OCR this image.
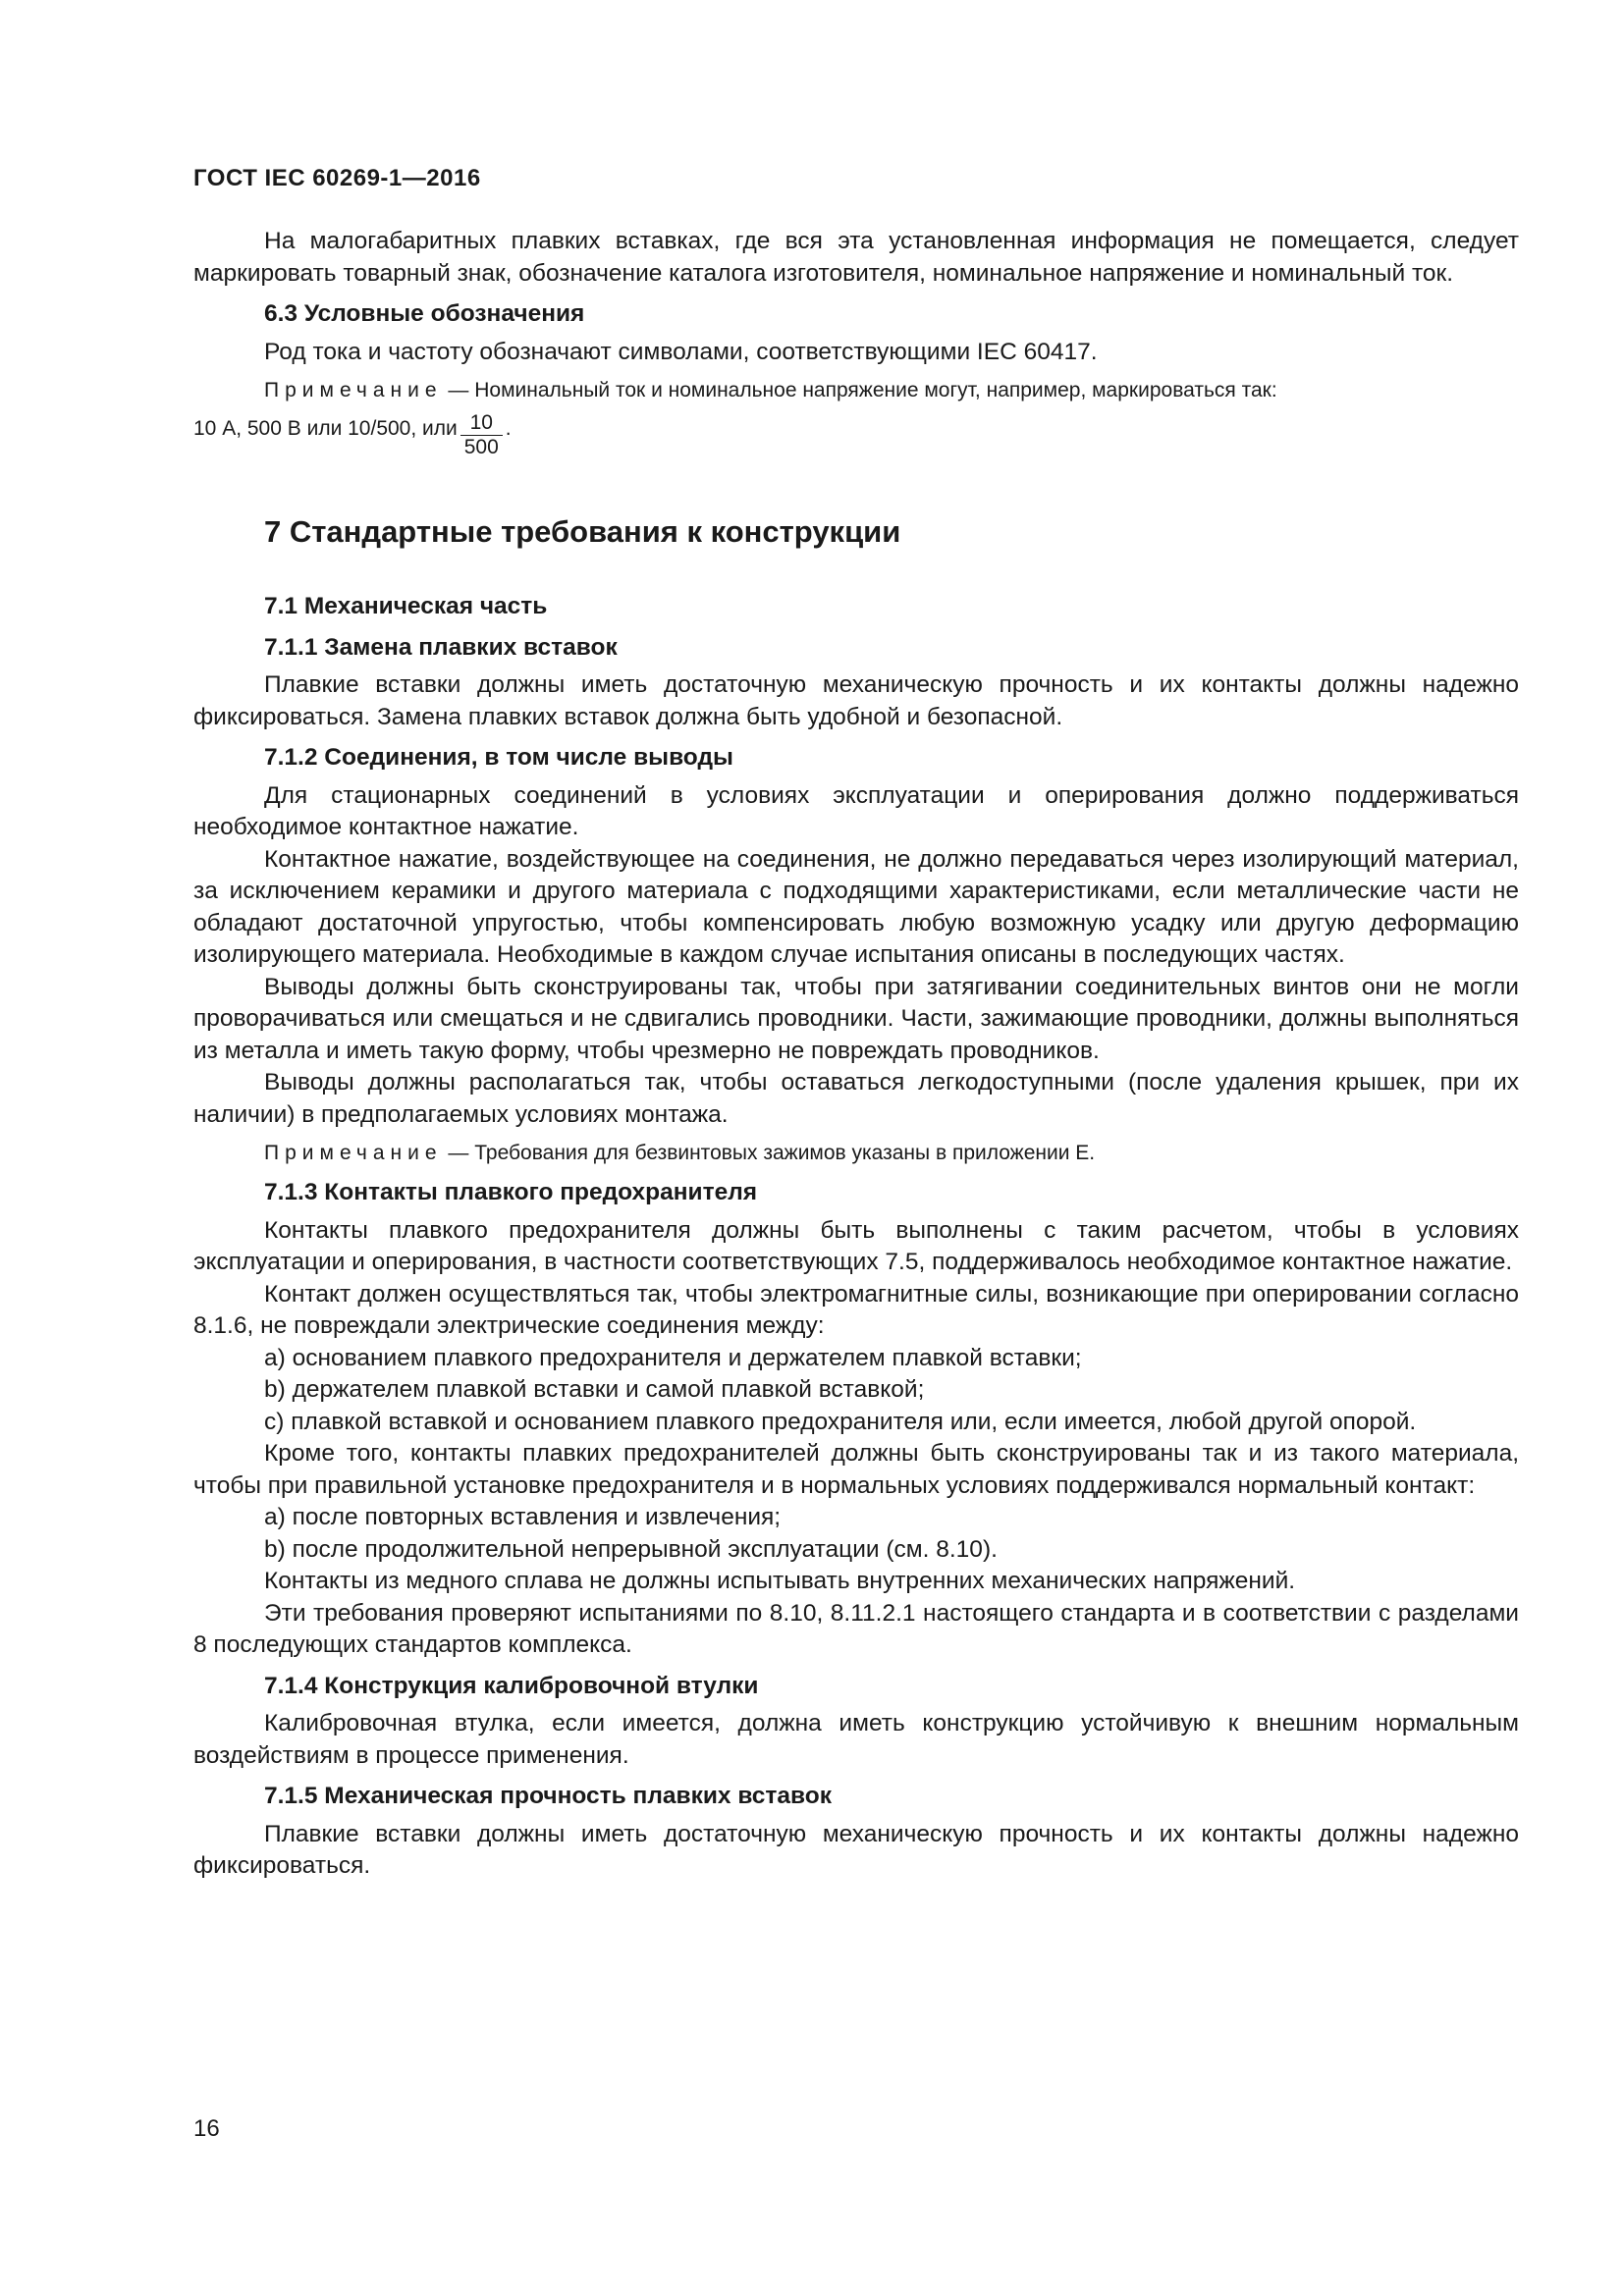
ГОСТ IEC 60269-1—2016

На малогабаритных плавких вставках, где вся эта установленная информация не помещается, следует маркировать товарный знак, обозначение каталога изготовителя, номинальное напряжение и номинальный ток.

6.3 Условные обозначения

Род тока и частоту обозначают символами, соответствующими IEC 60417.

Примечание — Номинальный ток и номинальное напряжение могут, например, маркироваться так:
10 А, 500 В или 10/500, или $\frac{10}{500}$ .

7 Стандартные требования к конструкции

7.1 Механическая часть

7.1.1 Замена плавких вставок

Плавкие вставки должны иметь достаточную механическую прочность и их контакты должны надежно фиксироваться. Замена плавких вставок должна быть удобной и безопасной.

7.1.2 Соединения, в том числе выводы

Для стационарных соединений в условиях эксплуатации и оперирования должно поддерживаться необходимое контактное нажатие.

Контактное нажатие, воздействующее на соединения, не должно передаваться через изолирующий материал, за исключением керамики и другого материала с подходящими характеристиками, если металлические части не обладают достаточной упругостью, чтобы компенсировать любую возможную усадку или другую деформацию изолирующего материала. Необходимые в каждом случае испытания описаны в последующих частях.

Выводы должны быть сконструированы так, чтобы при затягивании соединительных винтов они не могли проворачиваться или смещаться и не сдвигались проводники. Части, зажимающие проводники, должны выполняться из металла и иметь такую форму, чтобы чрезмерно не повреждать проводников.

Выводы должны располагаться так, чтобы оставаться легкодоступными (после удаления крышек, при их наличии) в предполагаемых условиях монтажа.

Примечание — Требования для безвинтовых зажимов указаны в приложении Е.

7.1.3 Контакты плавкого предохранителя

Контакты плавкого предохранителя должны быть выполнены с таким расчетом, чтобы в условиях эксплуатации и оперирования, в частности соответствующих 7.5, поддерживалось необходимое контактное нажатие.

Контакт должен осуществляться так, чтобы электромагнитные силы, возникающие при оперировании согласно 8.1.6, не повреждали электрические соединения между:

a) основанием плавкого предохранителя и держателем плавкой вставки;

b) держателем плавкой вставки и самой плавкой вставкой;

c) плавкой вставкой и основанием плавкого предохранителя или, если имеется, любой другой опорой.

Кроме того, контакты плавких предохранителей должны быть сконструированы так и из такого материала, чтобы при правильной установке предохранителя и в нормальных условиях поддерживался нормальный контакт:

a) после повторных вставления и извлечения;

b) после продолжительной непрерывной эксплуатации (см. 8.10).

Контакты из медного сплава не должны испытывать внутренних механических напряжений.

Эти требования проверяют испытаниями по 8.10, 8.11.2.1 настоящего стандарта и в соответствии с разделами 8 последующих стандартов комплекса.

7.1.4 Конструкция калибровочной втулки

Калибровочная втулка, если имеется, должна иметь конструкцию устойчивую к внешним нормальным воздействиям в процессе применения.

7.1.5 Механическая прочность плавких вставок

Плавкие вставки должны иметь достаточную механическую прочность и их контакты должны надежно фиксироваться.

16
